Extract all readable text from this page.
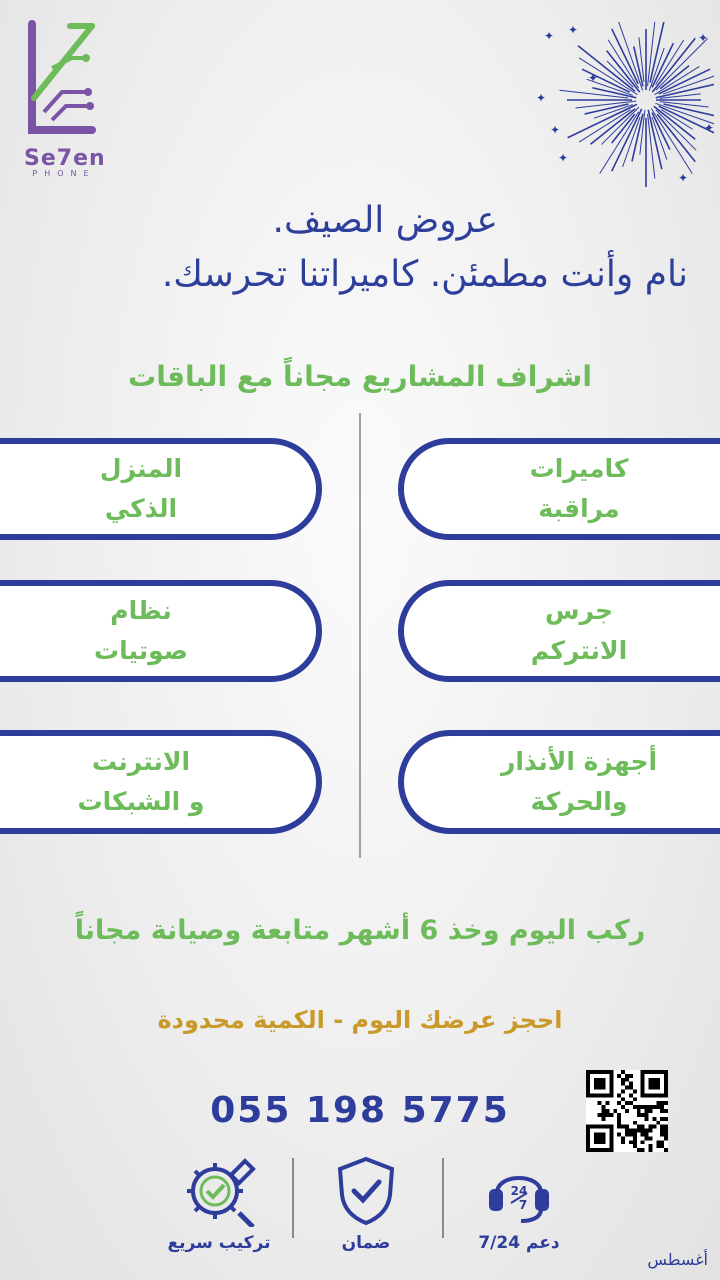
Se7en
PHONE
✦ ✦
✦
✦
✦
✦
✦
✦
✦
عروض الصيف.
نام وأنت مطمئن. كاميراتنا تحرسك.
اشراف المشاريع مجاناً مع الباقات
كاميرات
مراقبة
جرس
الانتركم
أجهزة الأنذار
والحركة
المنزل
الذكي
نظام
صوتيات
الانترنت
و الشبكات
ركب اليوم وخذ 6 أشهر متابعة وصيانة مجاناً
احجز عرضك اليوم - الكمية محدودة
055 198 5775
تركيب سريع	ضمان
24
7
دعم 7/24
أغسطس
